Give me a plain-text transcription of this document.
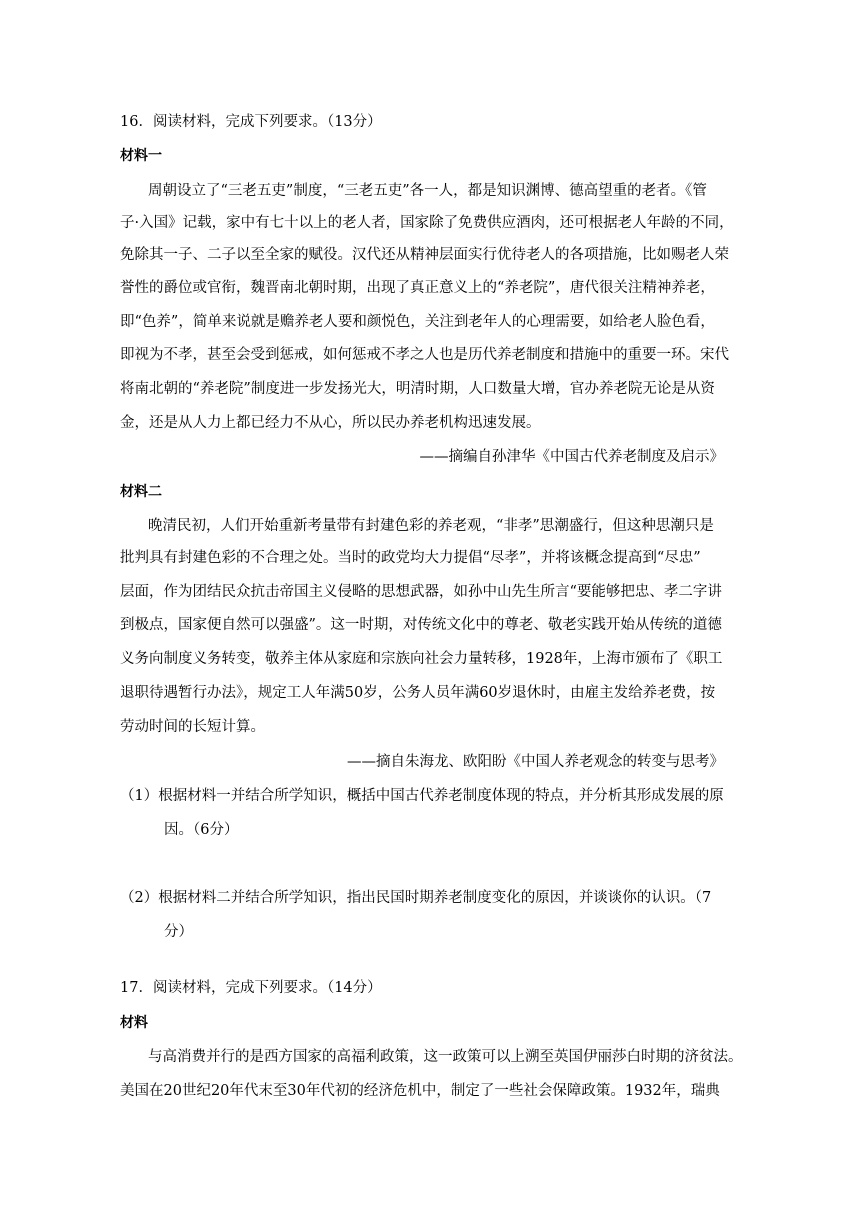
16．阅读材料，完成下列要求。（13分）
材料一
周朝设立了“三老五吏”制度，“三老五吏”各一人，都是知识渊博、德高望重的老者。《管
子·入国》记载，家中有七十以上的老人者，国家除了免费供应酒肉，还可根据老人年龄的不同，
免除其一子、二子以至全家的赋役。汉代还从精神层面实行优待老人的各项措施，比如赐老人荣
誉性的爵位或官衔，魏晋南北朝时期，出现了真正意义上的“养老院”，唐代很关注精神养老，
即“色养”，简单来说就是赡养老人要和颜悦色，关注到老年人的心理需要，如给老人脸色看，
即视为不孝，甚至会受到惩戒，如何惩戒不孝之人也是历代养老制度和措施中的重要一环。宋代
将南北朝的“养老院”制度进一步发扬光大，明清时期，人口数量大增，官办养老院无论是从资
金，还是从人力上都已经力不从心，所以民办养老机构迅速发展。
——摘编自孙津华《中国古代养老制度及启示》
材料二
晚清民初，人们开始重新考量带有封建色彩的养老观，“非孝”思潮盛行，但这种思潮只是
批判具有封建色彩的不合理之处。当时的政党均大力提倡“尽孝”，并将该概念提高到“尽忠”
层面，作为团结民众抗击帝国主义侵略的思想武器，如孙中山先生所言“要能够把忠、孝二字讲
到极点，国家便自然可以强盛”。这一时期，对传统文化中的尊老、敬老实践开始从传统的道德
义务向制度义务转变，敬养主体从家庭和宗族向社会力量转移，1928年，上海市颁布了《职工
退职待遇暂行办法》，规定工人年满50岁，公务人员年满60岁退休时，由雇主发给养老费，按
劳动时间的长短计算。
——摘自朱海龙、欧阳盼《中国人养老观念的转变与思考》
（1）根据材料一并结合所学知识，概括中国古代养老制度体现的特点，并分析其形成发展的原
因。（6分）
（2）根据材料二并结合所学知识，指出民国时期养老制度变化的原因，并谈谈你的认识。（7
分）
17．阅读材料，完成下列要求。（14分）
材料
与高消费并行的是西方国家的高福利政策，这一政策可以上溯至英国伊丽莎白时期的济贫法。
美国在20世纪20年代末至30年代初的经济危机中，制定了一些社会保障政策。1932年，瑞典
